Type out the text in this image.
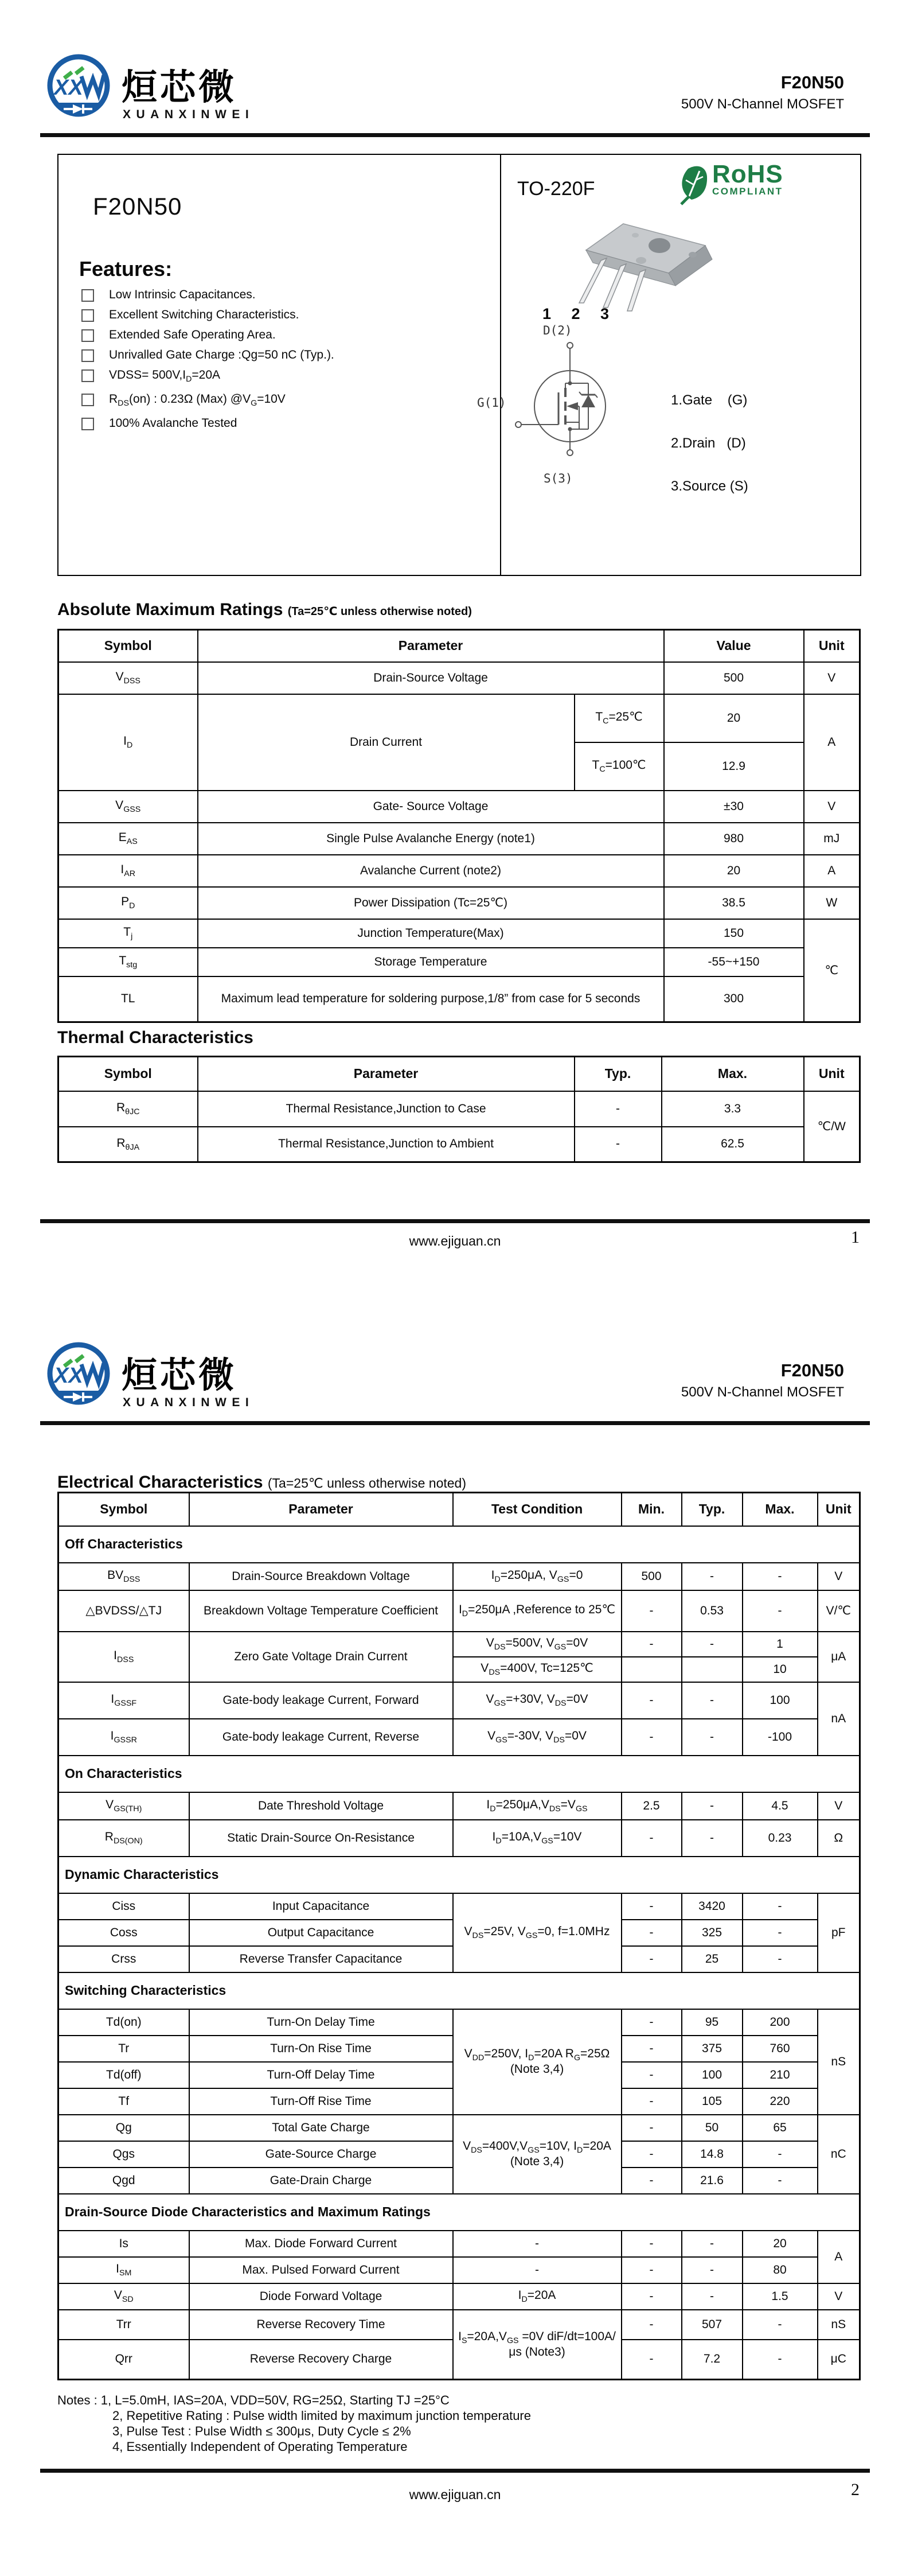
XX 烜芯微
XUANXINWEI
F20N50
500V N-Channel MOSFET
F20N50
Features:
Low Intrinsic Capacitances.
Excellent Switching Characteristics.
Extended Safe Operating Area.
Unrivalled Gate Charge :Qg=50 nC (Typ.).
VDSS= $500V,I_D=20A$
$R_{DS}(on)$ : 0.23Ω (Max) $@V_G=10V$
100% Avalanche Tested
TO-220F
RoHS
COMPLIANT
1 2 3
D(2)
G(1)
S(3)

1.Gate    (G)

2.Drain   (D)

3.Source (S)

Absolute Maximum Ratings (Ta=25℃ unless otherwise noted)
Symbol	Parameter		Value	Unit
$V_{DSS}$	Drain-Source Voltage		500	V
$I_D$	Drain Current	$T_C=25℃$	20	A
		$T_C=100℃$	12.9	
$V_{GSS}$	Gate- Source Voltage		±30	V
$E_{AS}$	Single Pulse Avalanche Energy (note1)		980	mJ
$I_{AR}$	Avalanche Current (note2)		20	A
$P_D$	Power Dissipation (Tc=25℃)		38.5	W
$T_j$	Junction Temperature(Max)		150	℃
$T_{stg}$	Storage Temperature		-55~+150	
TL	Maximum lead temperature for soldering purpose,1/8” from case for 5 seconds		300	
Thermal Characteristics
Symbol	Parameter	Typ.	Max.	Unit
$R_{\theta JC}$	Thermal Resistance,Junction to Case	-	3.3	℃/W
$R_{\theta JA}$	Thermal Resistance,Junction to Ambient	-	62.5	
www.ejiguan.cn	1
XX 烜芯微
XUANXINWEI
F20N50
500V N-Channel MOSFET
Electrical Characteristics (Ta=25℃ unless otherwise noted)
Symbol	Parameter	Test Condition	Min.	Typ.	Max.	Unit
Off Characteristics						
$BV_{DSS}$	Drain-Source Breakdown Voltage	$I_D=250\mu A$, $V_{GS}=0$	500	-	-	V
△BVDSS/△TJ	Breakdown Voltage Temperature Coefficient	$I_D=250\mu A$ ,Reference to 25℃	-	0.53	-	V/℃
$I_{DSS}$	Zero Gate Voltage Drain Current	$V_{DS}=500V$, $V_{GS}=0V$	-	-	1	μA
		$V_{DS}=400V$, Tc=125℃			10	
$I_{GSSF}$	Gate-body leakage Current, Forward	$V_{GS}=+30V$, $V_{DS}=0V$	-	-	100	nA
$I_{GSSR}$	Gate-body leakage Current, Reverse	$V_{GS}=-30V$, $V_{DS}=0V$	-	-	-100	
On Characteristics						
$V_{GS(TH)}$	Date Threshold Voltage	$I_D=250\mu A,V_{DS}=V_{GS}$	2.5	-	4.5	V
$R_{DS(ON)}$	Static Drain-Source On-Resistance	$I_D=10A,V_{GS}=10V$	-	-	0.23	Ω
Dynamic Characteristics						
Ciss	Input Capacitance	$V_{DS}=25V$, $V_{GS}=0$, f=1.0MHz	-	3420	-	pF
Coss	Output Capacitance		-	325	-	
Crss	Reverse Transfer Capacitance		-	25	-	
Switching Characteristics						
Td(on)	Turn-On Delay Time	$V_{DD}=250V$, $I_D=20A$ $R_G=25\Omega$ (Note 3,4)	-	95	200	nS
Tr	Turn-On Rise Time		-	375	760	
Td(off)	Turn-Off Delay Time		-	100	210	
Tf	Turn-Off Rise Time		-	105	220	
Qg	Total Gate Charge	$V_{DS}=400V,V_{GS}=10V$, $I_D=20A$ (Note 3,4)	-	50	65	nC
Qgs	Gate-Source Charge		-	14.8	-	
Qgd	Gate-Drain Charge		-	21.6	-	
Drain-Source Diode Characteristics and Maximum Ratings						
Is	Max. Diode Forward Current	-	-	-	20	A
$I_{SM}$	Max. Pulsed Forward Current	-	-	-	80	
$V_{SD}$	Diode Forward Voltage	$I_D=20A$	-	-	1.5	V
Trr	Reverse Recovery Time	$I_S=20A,V_{GS} =0V$ diF/dt=100A/μs (Note3)	-	507	-	nS
Qrr	Reverse Recovery Charge		-	7.2	-	μC
Notes : 1, L=5.0mH, IAS=20A, VDD=50V, RG=25Ω, Starting TJ =25°C
2, Repetitive Rating : Pulse width limited by maximum junction temperature
3, Pulse Test : Pulse Width ≤ 300μs, Duty Cycle ≤ 2%
4, Essentially Independent of Operating Temperature
www.ejiguan.cn	2
